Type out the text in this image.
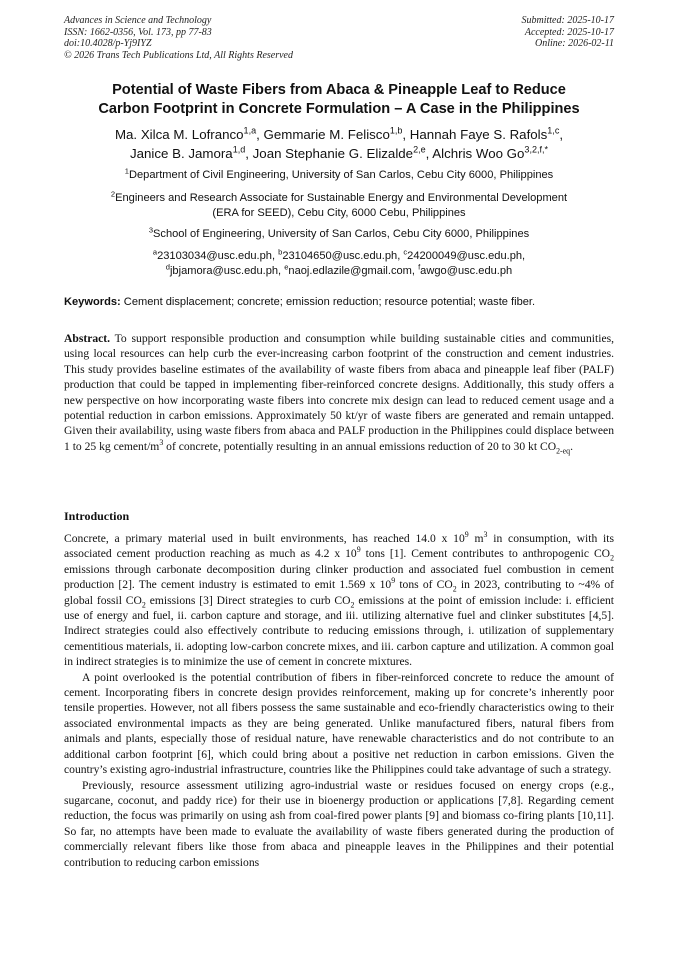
Advances in Science and Technology
ISSN: 1662-0356, Vol. 173, pp 77-83
doi:10.4028/p-Yj9IYZ
© 2026 Trans Tech Publications Ltd, All Rights Reserved
Submitted: 2025-10-17
Accepted: 2025-10-17
Online: 2026-02-11
Potential of Waste Fibers from Abaca & Pineapple Leaf to Reduce
Carbon Footprint in Concrete Formulation – A Case in the Philippines
Ma. Xilca M. Lofranco$^{1,a}$, Gemmarie M. Felisco$^{1,b}$, Hannah Faye S. Rafols$^{1,c}$,
Janice B. Jamora$^{1,d}$, Joan Stephanie G. Elizalde$^{2,e}$, Alchris Woo $Go^{3,2,f,*}$
$^1$Department of Civil Engineering, University of San Carlos, Cebu City 6000, Philippines
$^2$Engineers and Research Associate for Sustainable Energy and Environmental Development
(ERA for SEED), Cebu City, 6000 Cebu, Philippines
$^3$School of Engineering, University of San Carlos, Cebu City 6000, Philippines
$^a$23103034@usc.edu.ph, $^b$23104650@usc.edu.ph, $^c$24200049@usc.edu.ph,
$^d$jbjamora@usc.edu.ph, $^e$naoj.edlazile@gmail.com, $^f$awgo@usc.edu.ph
Keywords: Cement displacement; concrete; emission reduction; resource potential; waste fiber.

Abstract. To support responsible production and consumption while building sustainable cities and communities, using local resources can help curb the ever-increasing carbon footprint of the construction and cement industries. This study provides baseline estimates of the availability of waste fibers from abaca and pineapple leaf fiber (PALF) production that could be tapped in implementing fiber-reinforced concrete designs. Additionally, this study offers a new perspective on how incorporating waste fibers into concrete mix design can lead to reduced cement usage and a potential reduction in carbon emissions. Approximately 50 kt/yr of waste fibers are generated and remain untapped. Given their availability, using waste fibers from abaca and PALF production in the Philippines could displace between 1 to 25 kg cement/$m^3$ of concrete, potentially resulting in an annual emissions reduction of 20 to 30 kt $CO_{2-eq}$.

Introduction

Concrete, a primary material used in built environments, has reached 14.0 x $10^9$ $m^3$ in consumption, with its associated cement production reaching as much as 4.2 x $10^9$ tons [1]. Cement contributes to anthropogenic $CO_2$ emissions through carbonate decomposition during clinker production and associated fuel combustion in cement production [2]. The cement industry is estimated to emit 1.569 x $10^9$ tons of $CO_2$ in 2023, contributing to ~4% of global fossil $CO_2$ emissions [3] Direct strategies to curb $CO_2$ emissions at the point of emission include: i. efficient use of energy and fuel, ii. carbon capture and storage, and iii. utilizing alternative fuel and clinker substitutes [4,5]. Indirect strategies could also effectively contribute to reducing emissions through, i. utilization of supplementary cementitious materials, ii. adopting low-carbon concrete mixes, and iii. carbon capture and utilization. A common goal in indirect strategies is to minimize the use of cement in concrete mixtures.

A point overlooked is the potential contribution of fibers in fiber-reinforced concrete to reduce the amount of cement. Incorporating fibers in concrete design provides reinforcement, making up for concrete’s inherently poor tensile properties. However, not all fibers possess the same sustainable and eco-friendly characteristics owing to their associated environmental impacts as they are being generated. Unlike manufactured fibers, natural fibers from animals and plants, especially those of residual nature, have renewable characteristics and do not contribute to an additional carbon footprint [6], which could bring about a positive net reduction in carbon emissions. Given the country’s existing agro-industrial infrastructure, countries like the Philippines could take advantage of such a strategy.

Previously, resource assessment utilizing agro-industrial waste or residues focused on energy crops (e.g., sugarcane, coconut, and paddy rice) for their use in bioenergy production or applications [7,8]. Regarding cement reduction, the focus was primarily on using ash from coal-fired power plants [9] and biomass co-firing plants [10,11]. So far, no attempts have been made to evaluate the availability of waste fibers generated during the production of commercially relevant fibers like those from abaca and pineapple leaves in the Philippines and their potential contribution to reducing carbon emissions
